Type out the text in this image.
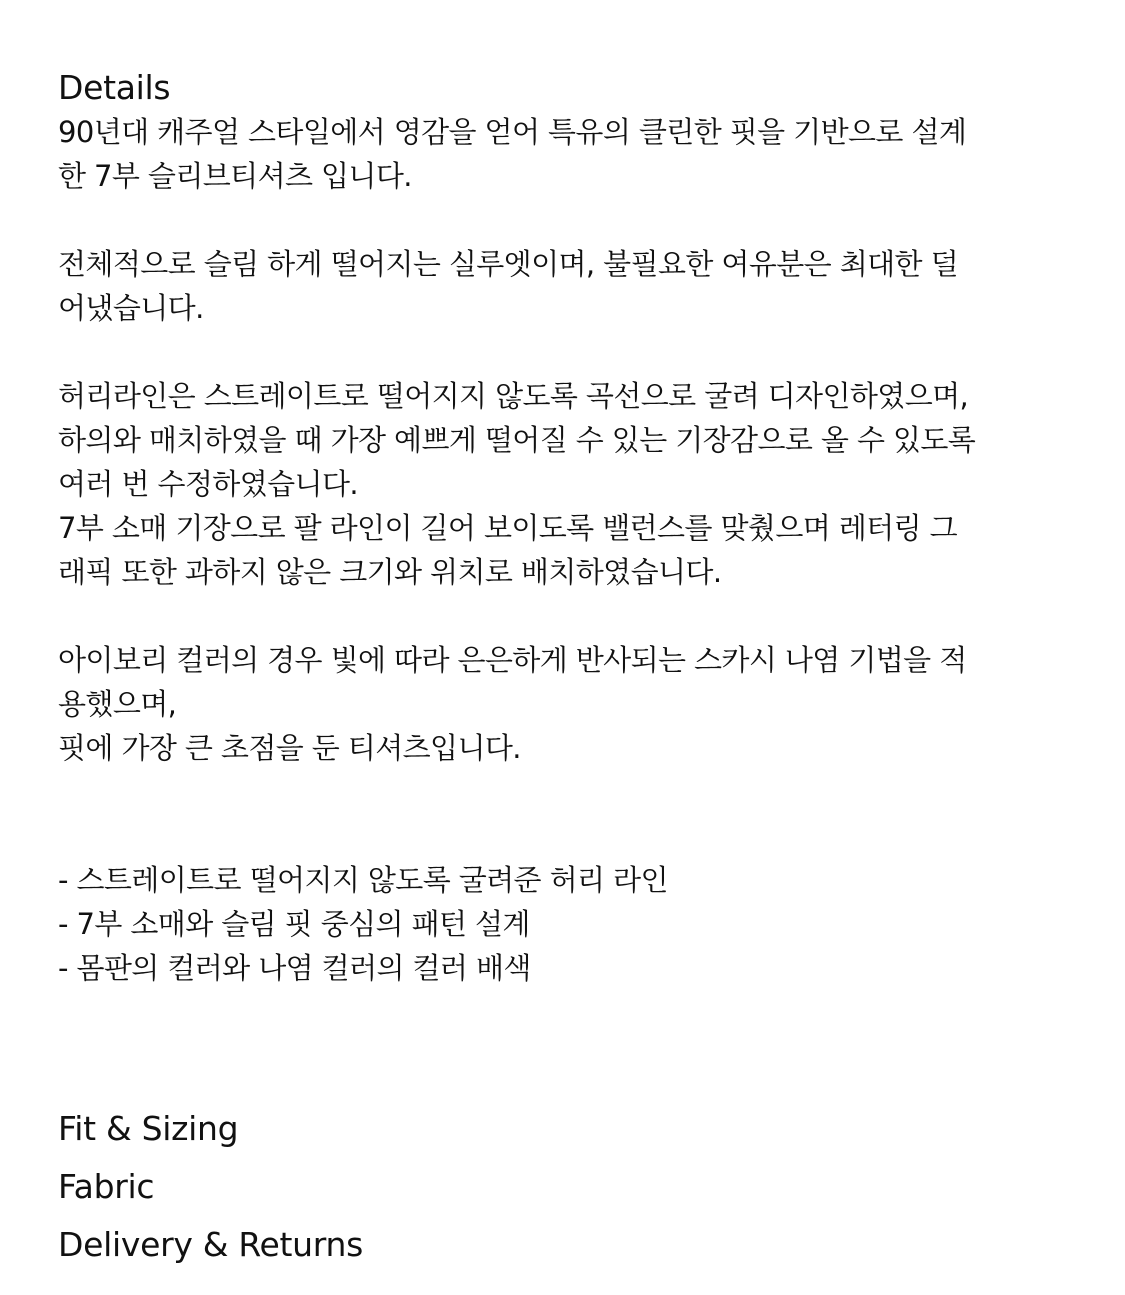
Details
90년대 캐주얼 스타일에서 영감을 얻어 특유의 클린한 핏을 기반으로 설계
한 7부 슬리브티셔츠 입니다.
전체적으로 슬림 하게 떨어지는 실루엣이며, 불필요한 여유분은 최대한 덜
어냈습니다.
허리라인은 스트레이트로 떨어지지 않도록 곡선으로 굴려 디자인하였으며,
하의와 매치하였을 때 가장 예쁘게 떨어질 수 있는 기장감으로 올 수 있도록
여러 번 수정하였습니다.
7부 소매 기장으로 팔 라인이 길어 보이도록 밸런스를 맞췄으며 레터링 그
래픽 또한 과하지 않은 크기와 위치로 배치하였습니다.
아이보리 컬러의 경우 빛에 따라 은은하게 반사되는 스카시 나염 기법을 적
용했으며,
핏에 가장 큰 초점을 둔 티셔츠입니다.
- 스트레이트로 떨어지지 않도록 굴려준 허리 라인
- 7부 소매와 슬림 핏 중심의 패턴 설계
- 몸판의 컬러와 나염 컬러의 컬러 배색
Fit & Sizing
Fabric
Delivery & Returns
